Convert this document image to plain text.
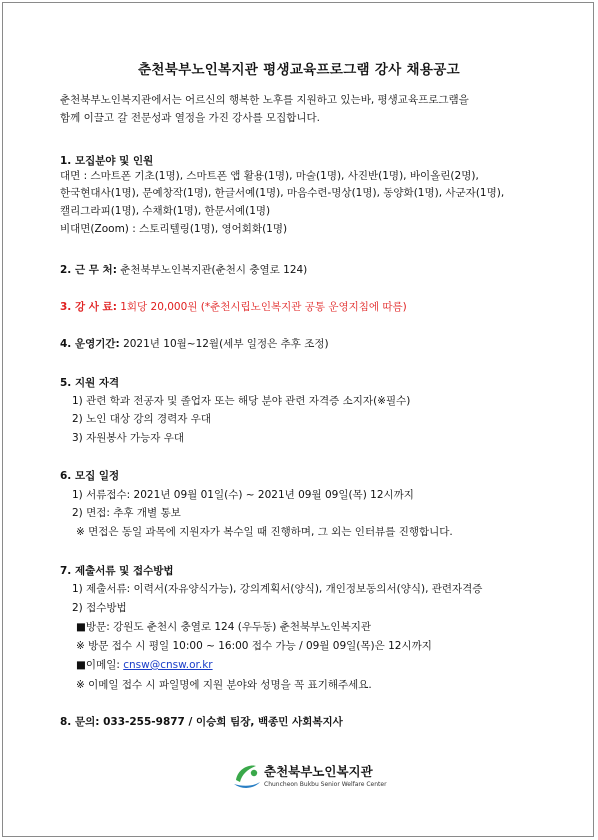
춘천북부노인복지관 평생교육프로그램 강사 채용공고
춘천북부노인복지관에서는 어르신의 행복한 노후를 지원하고 있는바, 평생교육프로그램을
함께 이끌고 갈 전문성과 열정을 가진 강사를 모집합니다.
1. 모집분야 및 인원
대면 : 스마트폰 기초(1명), 스마트폰 앱 활용(1명), 마술(1명), 사진반(1명), 바이올린(2명),
한국현대사(1명), 문예창작(1명), 한글서예(1명), 마음수련-명상(1명), 동양화(1명), 사군자(1명),
캘리그라피(1명), 수채화(1명), 한문서예(1명)
비대면(Zoom) : 스토리텔링(1명), 영어회화(1명)
2. 근 무 처: 춘천북부노인복지관(춘천시 충열로 124)
3. 강 사 료: 1회당 20,000원 (*춘천시립노인복지관 공통 운영지침에 따름)
4. 운영기간: 2021년 10월~12월(세부 일정은 추후 조정)
5. 지원 자격
1) 관련 학과 전공자 및 졸업자 또는 해당 분야 관련 자격증 소지자(※필수)
2) 노인 대상 강의 경력자 우대
3) 자원봉사 가능자 우대
6. 모집 일정
1) 서류접수: 2021년 09월 01일(수) ~ 2021년 09월 09일(목) 12시까지
2) 면접: 추후 개별 통보
※ 면접은 동일 과목에 지원자가 복수일 때 진행하며, 그 외는 인터뷰를 진행합니다.
7. 제출서류 및 접수방법
1) 제출서류: 이력서(자유양식가능), 강의계획서(양식), 개인정보동의서(양식), 관련자격증
2) 접수방법
■방문: 강원도 춘천시 충열로 124 (우두동) 춘천북부노인복지관
※ 방문 접수 시 평일 10:00 ~ 16:00 접수 가능 / 09월 09일(목)은 12시까지
■이메일: cnsw@cnsw.or.kr
※ 이메일 접수 시 파일명에 지원 분야와 성명을 꼭 표기해주세요.
8. 문의: 033-255-9877 / 이승희 팀장, 백종민 사회복지사
춘천북부노인복지관
Chuncheon Bukbu Senior Welfare Center
